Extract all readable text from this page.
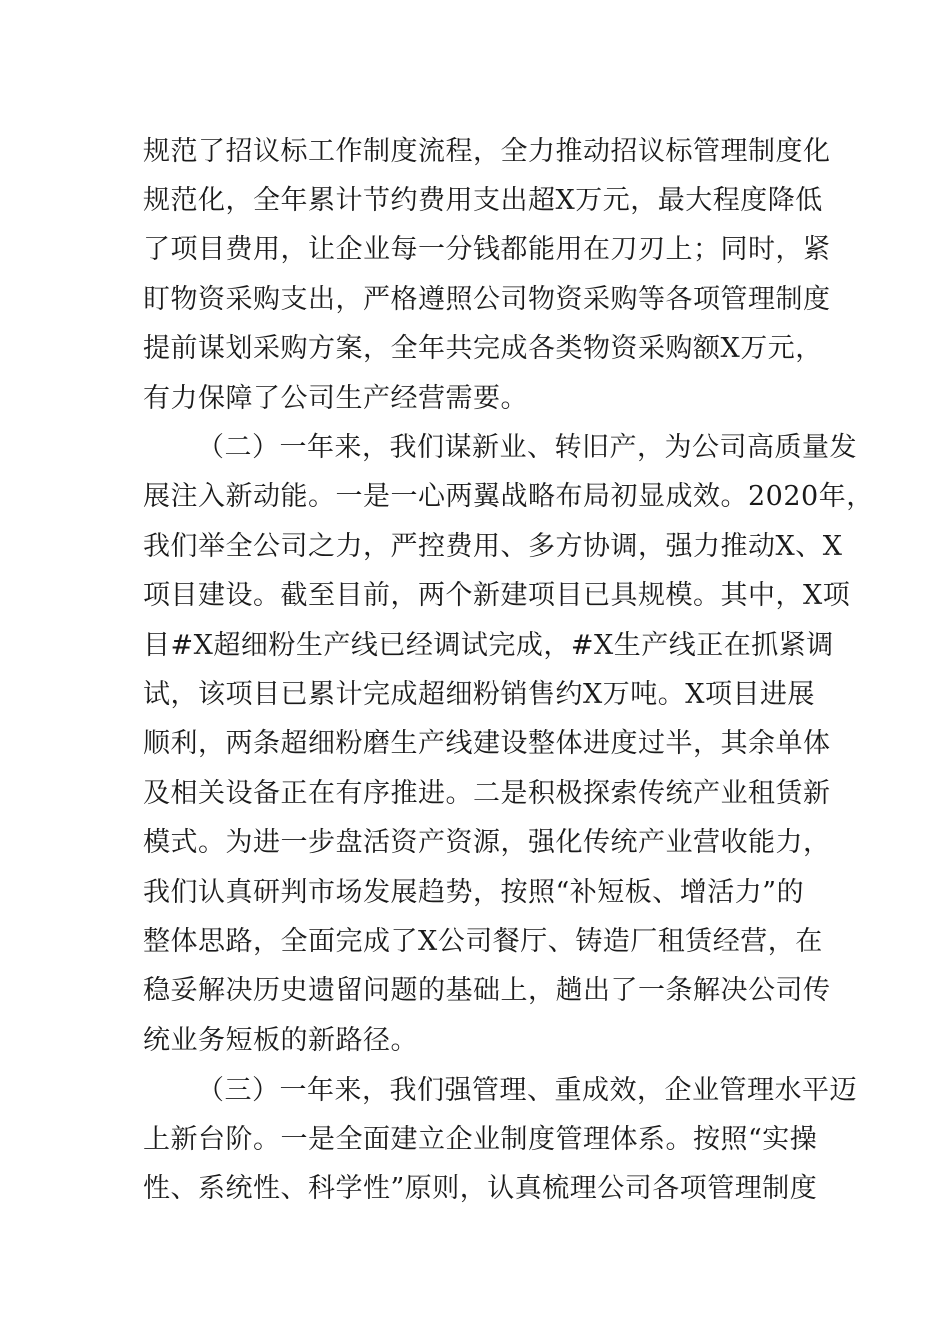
规范了招议标工作制度流程，全力推动招议标管理制度化
规范化，全年累计节约费用支出超X万元，最大程度降低
了项目费用，让企业每一分钱都能用在刀刃上；同时，紧
盯物资采购支出，严格遵照公司物资采购等各项管理制度
提前谋划采购方案，全年共完成各类物资采购额X万元，
有力保障了公司生产经营需要。
（二）一年来，我们谋新业、转旧产，为公司高质量发
展注入新动能。一是一心两翼战略布局初显成效。2020年，
我们举全公司之力，严控费用、多方协调，强力推动X、X
项目建设。截至目前，两个新建项目已具规模。其中，X项
目#X超细粉生产线已经调试完成，#X生产线正在抓紧调
试，该项目已累计完成超细粉销售约X万吨。X项目进展
顺利，两条超细粉磨生产线建设整体进度过半，其余单体
及相关设备正在有序推进。二是积极探索传统产业租赁新
模式。为进一步盘活资产资源，强化传统产业营收能力，
我们认真研判市场发展趋势，按照“补短板、增活力”的
整体思路，全面完成了X公司餐厅、铸造厂租赁经营，在
稳妥解决历史遗留问题的基础上，趟出了一条解决公司传
统业务短板的新路径。
（三）一年来，我们强管理、重成效，企业管理水平迈
上新台阶。一是全面建立企业制度管理体系。按照“实操
性、系统性、科学性”原则，认真梳理公司各项管理制度
